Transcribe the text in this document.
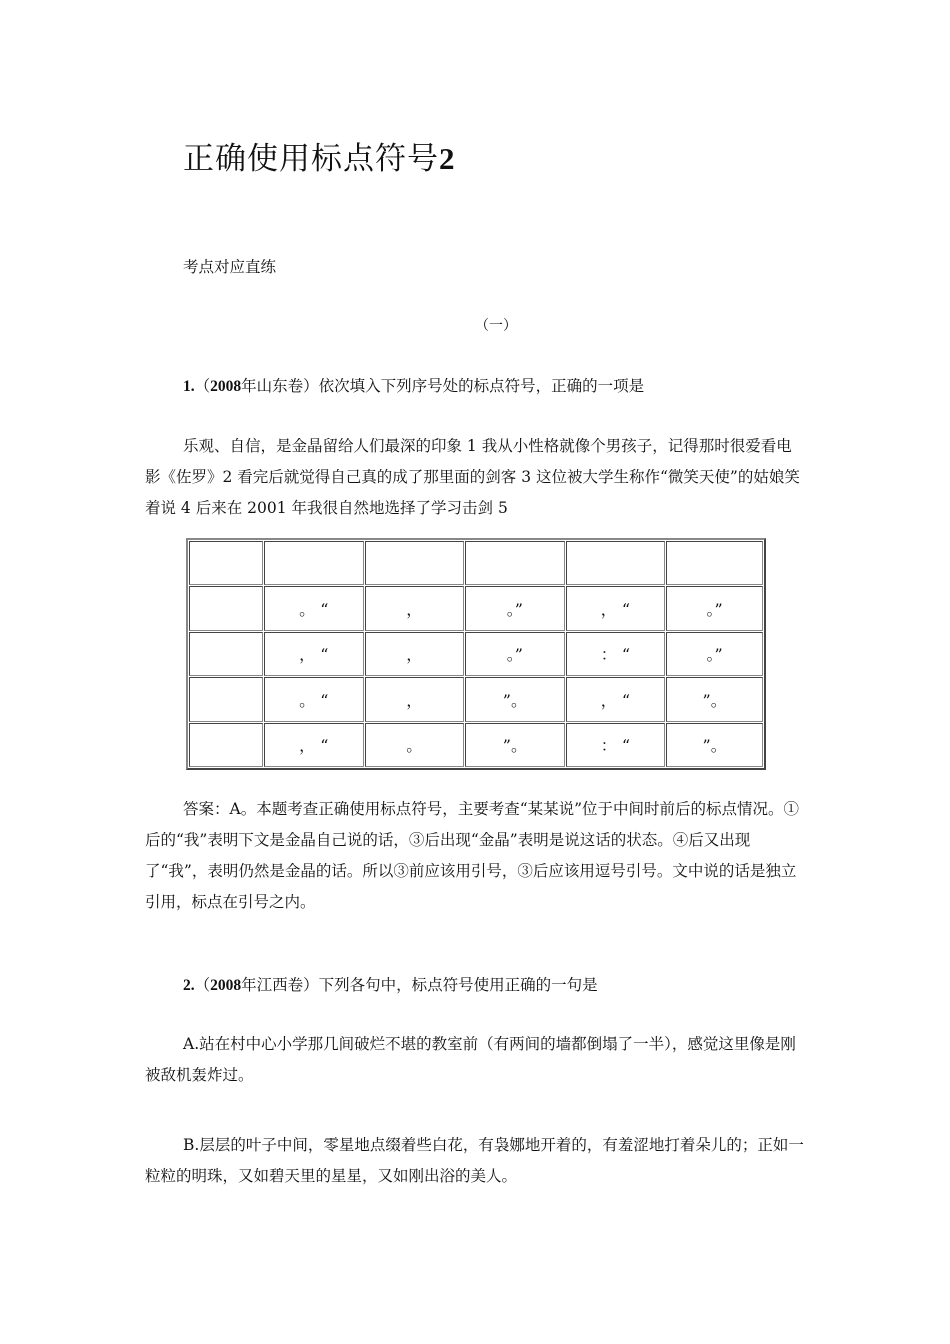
正确使用标点符号2
考点对应直练
（一）
1.（2008年山东卷）依次填入下列序号处的标点符号，正确的一项是
乐观、自信，是金晶留给人们最深的印象 1 我从小性格就像个男孩子，记得那时很爱看电影《佐罗》2 看完后就觉得自己真的成了那里面的剑客 3 这位被大学生称作“微笑天使”的姑娘笑着说 4 后来在 2001 年我很自然地选择了学习击剑 5

	。 “	，	。”	， “	。”
	， “	，	。”	： “	。”
	。 “	，	”。	， “	”。
	， “	。	”。	： “	”。
答案：A。本题考查正确使用标点符号，主要考查“某某说”位于中间时前后的标点情况。①后的“我”表明下文是金晶自己说的话，③后出现“金晶”表明是说这话的状态。④后又出现了“我”，表明仍然是金晶的话。所以③前应该用引号，③后应该用逗号引号。文中说的话是独立引用，标点在引号之内。
2.（2008年江西卷）下列各句中，标点符号使用正确的一句是
A.站在村中心小学那几间破烂不堪的教室前（有两间的墙都倒塌了一半），感觉这里像是刚被敌机轰炸过。
B.层层的叶子中间，零星地点缀着些白花，有袅娜地开着的，有羞涩地打着朵儿的；正如一粒粒的明珠，又如碧天里的星星，又如刚出浴的美人。
